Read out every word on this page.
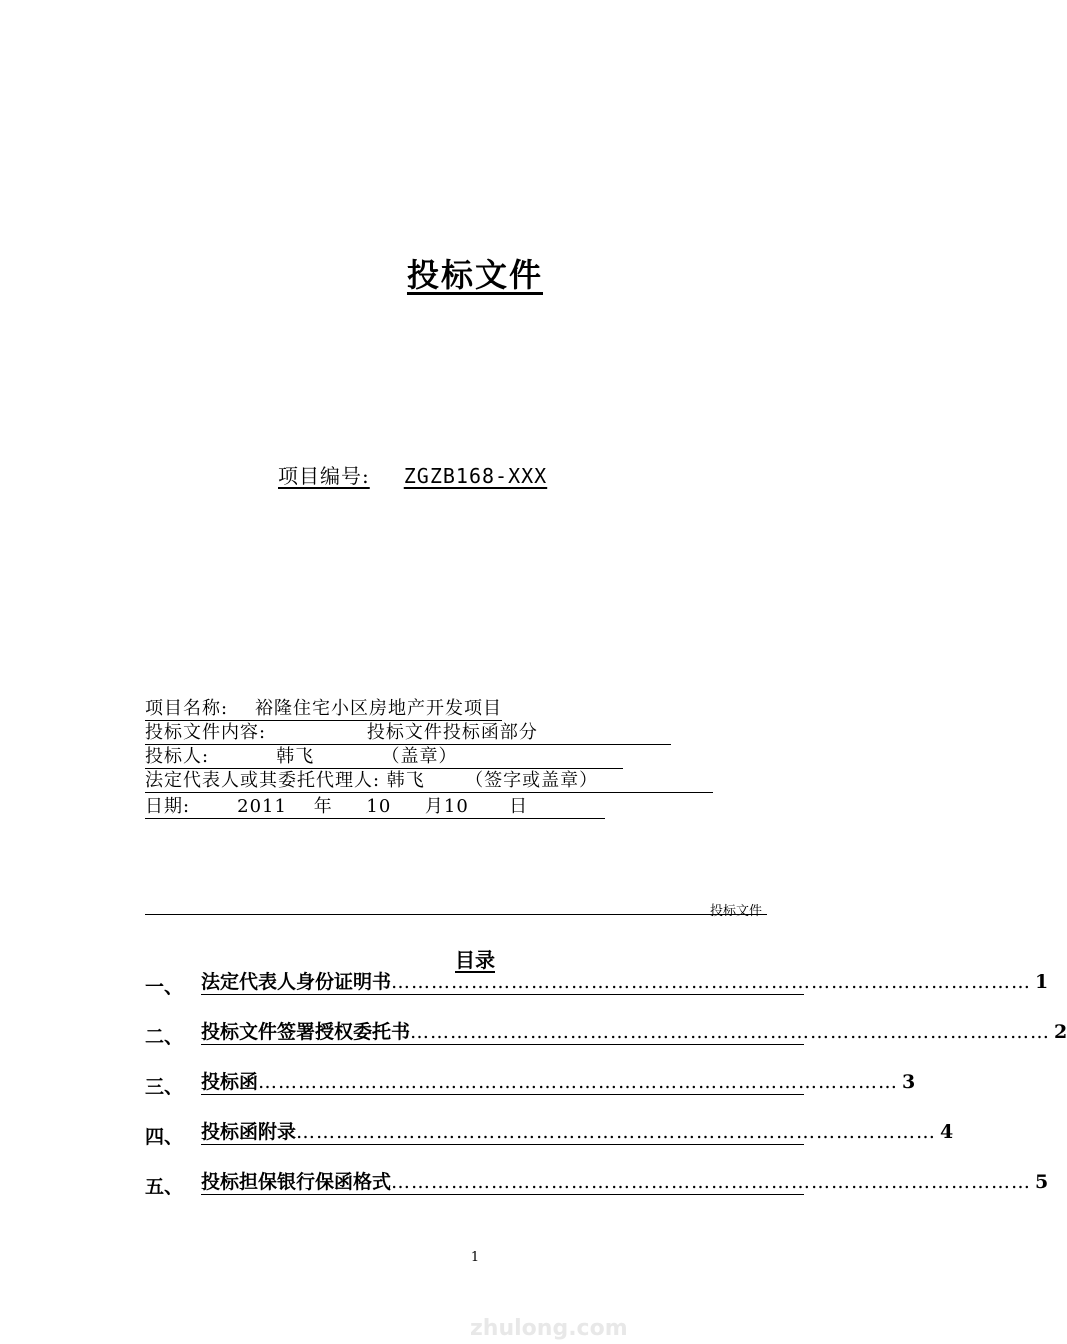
投标文件
项目编号: ZGZB168-XXX
项目名称:    裕隆住宅小区房地产开发项目
投标文件内容:               投标文件投标函部分
投标人:          韩飞          （盖章）
法定代表人或其委托代理人: 韩飞      （签字或盖章）
日期:       2011    年     10     月10      日
投标文件
目录
一、 法定代表人身份证明书 …………………………………………………………………………………… 1
二、 投标文件签署授权委托书 …………………………………………………………………………………… 2
三、 投标函 …………………………………………………………………………………… 3
四、 投标函附录 …………………………………………………………………………………… 4
五、 投标担保银行保函格式 …………………………………………………………………………………… 5
1
zhulong.com
